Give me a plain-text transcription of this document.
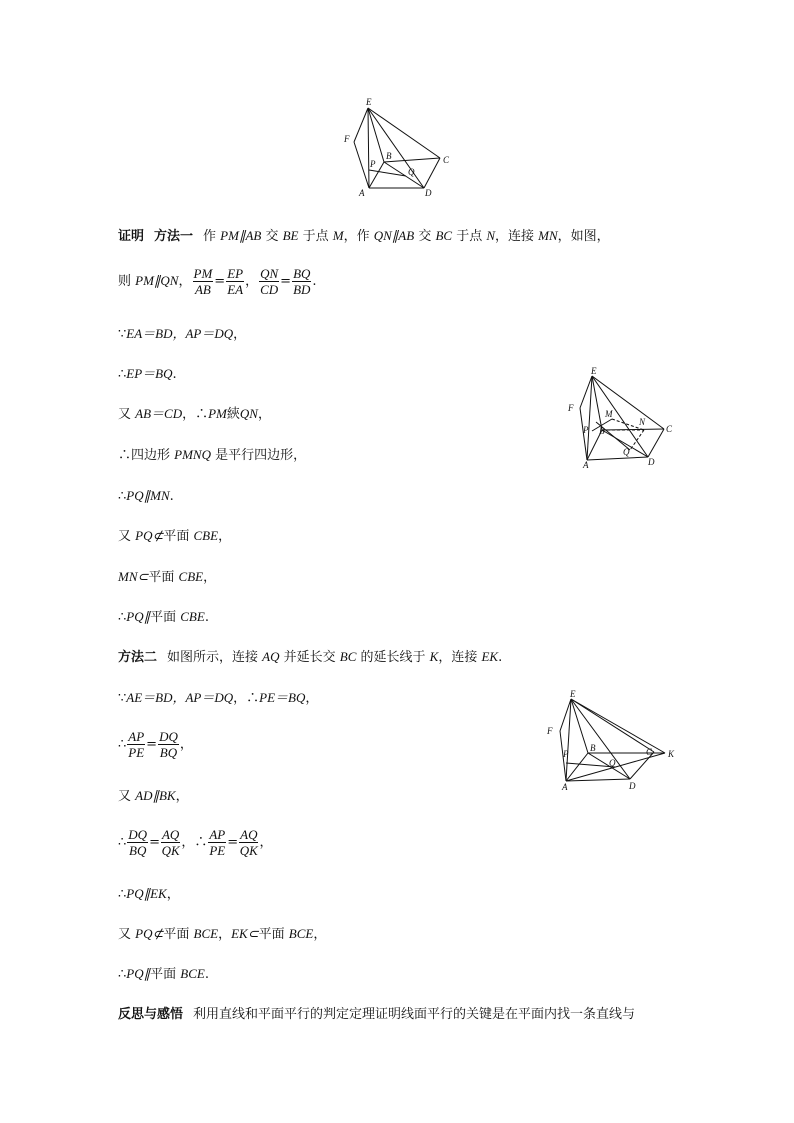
E
F
P
B	C
Q
A	D
E
F
M
N
P B	C
Q
A	D
E
F
P
B	C K
Q
A	D
证明 方法一 作 PM∥AB 交 BE 于点 M，作 QN∥AB 交 BC 于点 N，连接 MN，如图，
则 PM∥QN， $\frac{PM}{AB} = \frac{EP}{EA}$ ， $\frac{QN}{CD} = \frac{BQ}{BD}$ .
∵EA＝BD，AP＝DQ，
∴EP＝BQ.
又 AB＝CD，∴PM綊QN，
∴四边形 PMNQ 是平行四边形，
∴PQ∥MN.
又 PQ⊄平面 CBE，
MN⊂平面 CBE，
∴PQ∥平面 CBE.
方法二 如图所示，连接 AQ 并延长交 BC 的延长线于 K，连接 EK.
∵AE＝BD，AP＝DQ，∴PE＝BQ，
∴ $\frac{AP}{PE} = \frac{DQ}{BQ}$ ，
又 AD∥BK，
∴ $\frac{DQ}{BQ} = \frac{AQ}{QK}$ ，∴ $\frac{AP}{PE} = \frac{AQ}{QK}$ ，
∴PQ∥EK，
又 PQ⊄平面 BCE，EK⊂平面 BCE，
∴PQ∥平面 BCE.
反思与感悟 利用直线和平面平行的判定定理证明线面平行的关键是在平面内找一条直线与
